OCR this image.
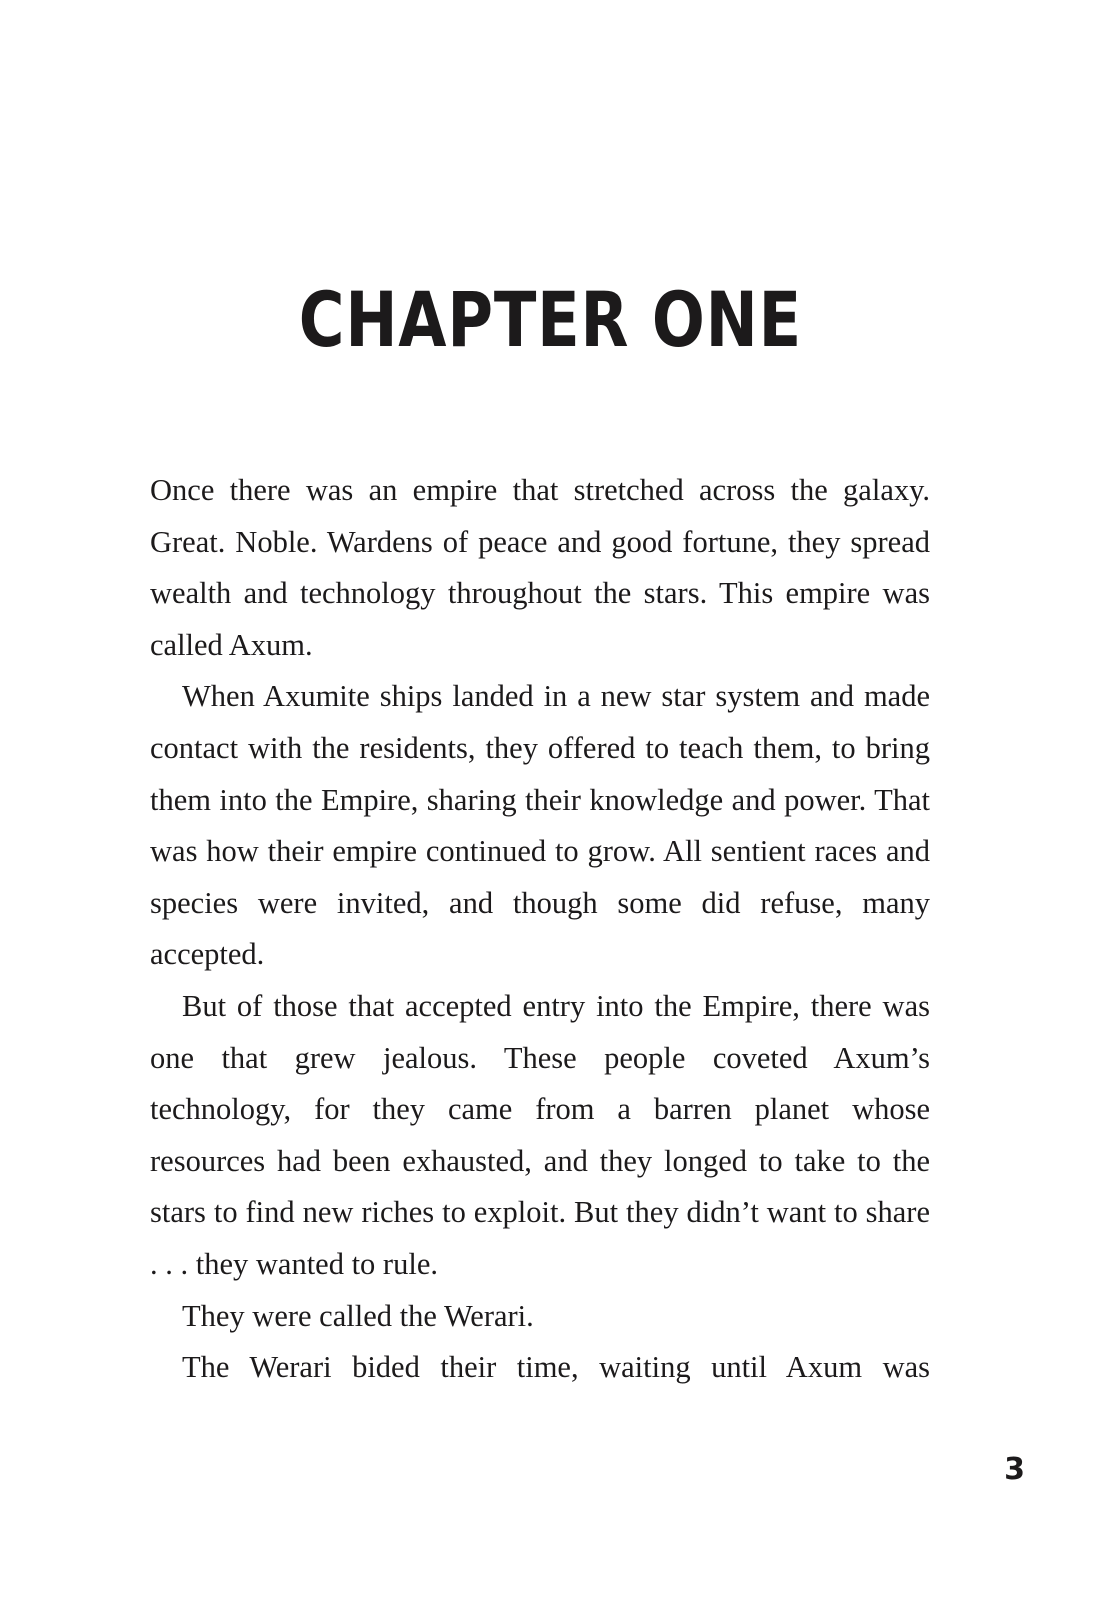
CHAPTER ONE

Once there was an empire that stretched across the galaxy. Great. Noble. Wardens of peace and good fortune, they spread wealth and technology throughout the stars. This empire was called Axum.

When Axumite ships landed in a new star system and made contact with the residents, they offered to teach them, to bring them into the Empire, sharing their knowledge and power. That was how their empire continued to grow. All sentient races and species were invited, and though some did refuse, many accepted.

But of those that accepted entry into the Empire, there was one that grew jealous. These people coveted Axum’s technology, for they came from a barren planet whose resources had been exhausted, and they longed to take to the stars to find new riches to exploit. But they didn’t want to share . . . they wanted to rule.

They were called the Werari.

The Werari bided their time, waiting until Axum was

3
